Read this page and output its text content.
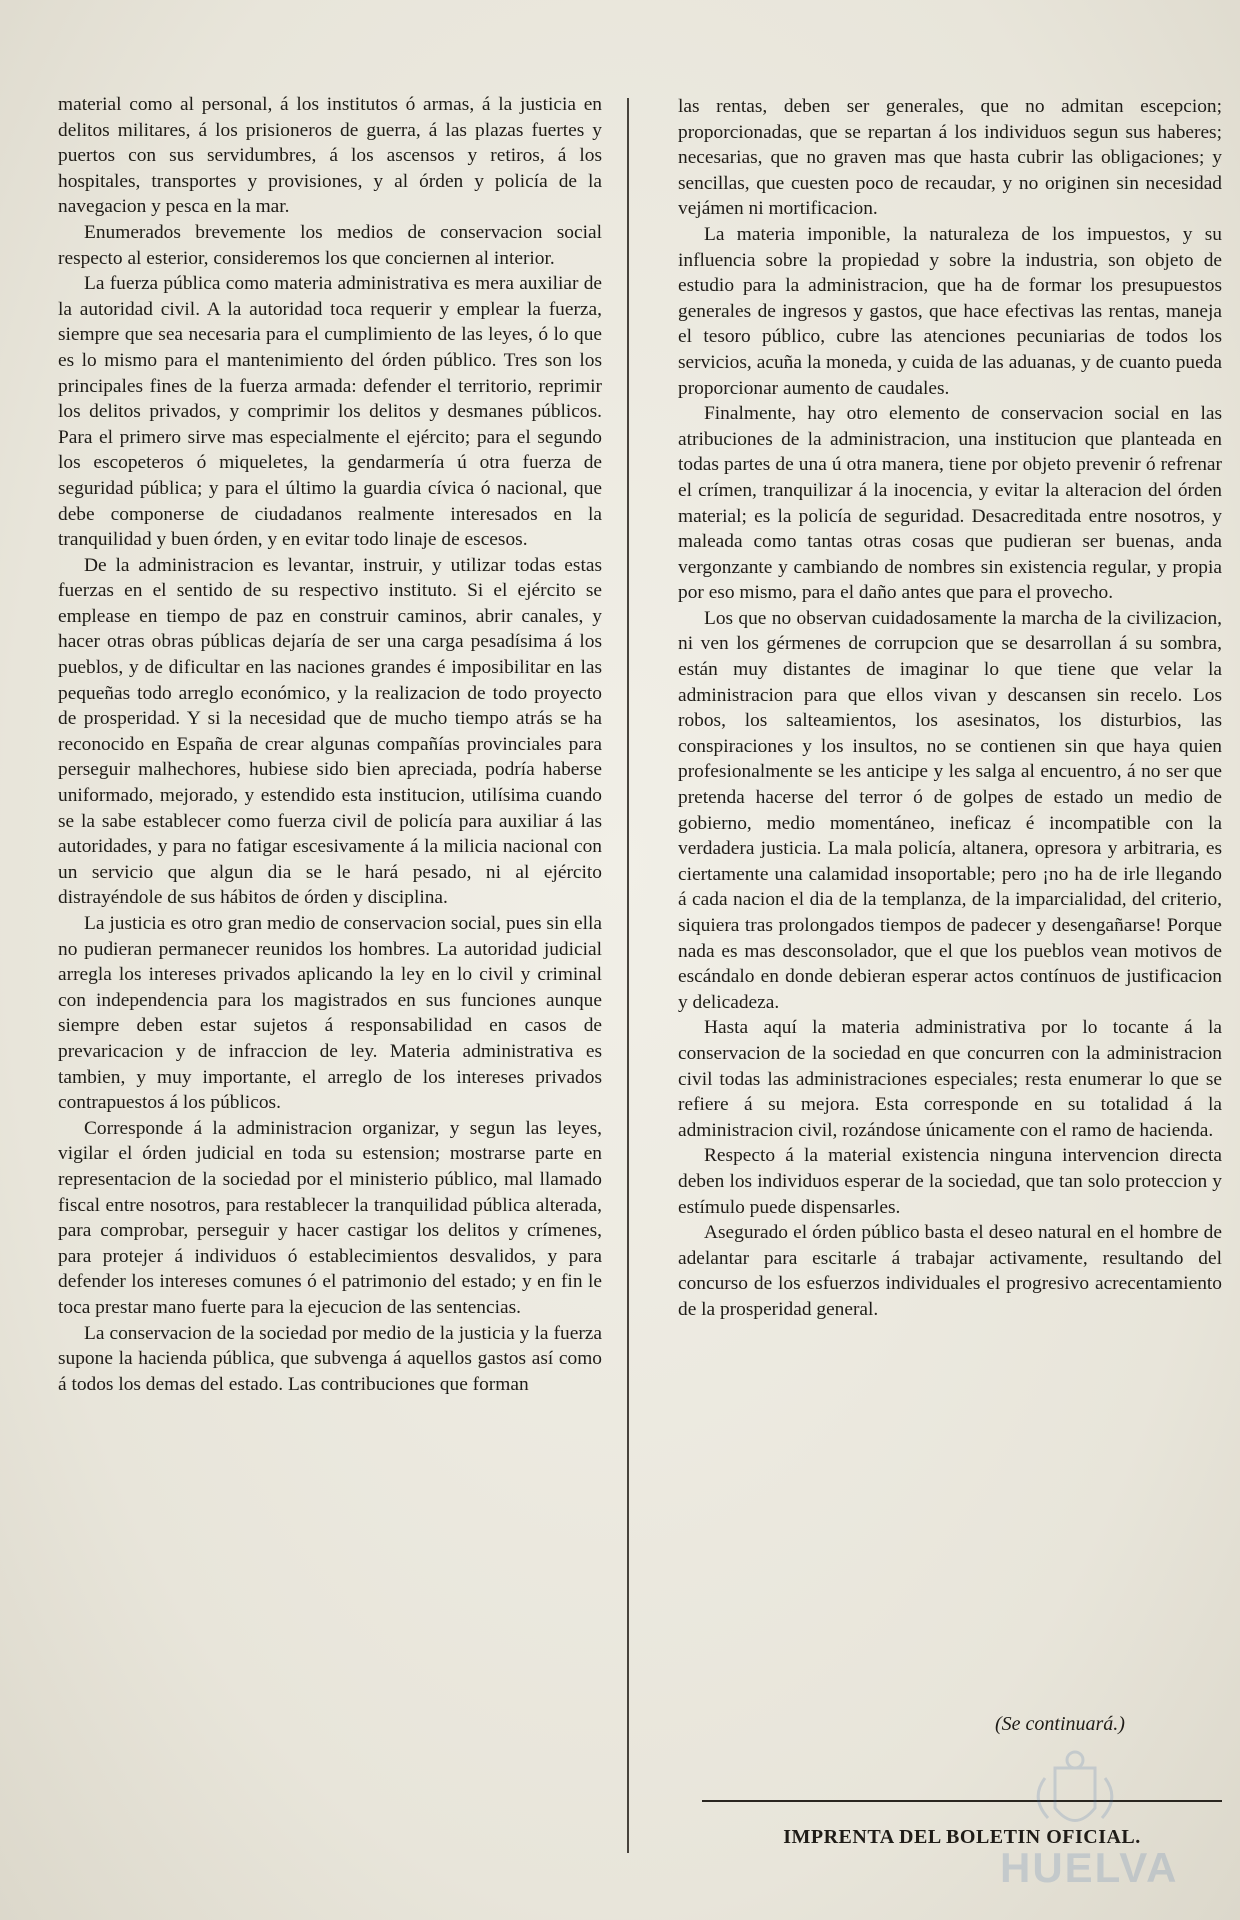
material como al personal, á los institutos ó armas, á la justicia en delitos militares, á los prisioneros de guerra, á las plazas fuertes y puertos con sus servidumbres, á los ascensos y retiros, á los hospitales, transportes y provisiones, y al órden y policía de la navegacion y pesca en la mar.

Enumerados brevemente los medios de conservacion social respecto al esterior, consideremos los que conciernen al interior.

La fuerza pública como materia administrativa es mera auxiliar de la autoridad civil. A la autoridad toca requerir y emplear la fuerza, siempre que sea necesaria para el cumplimiento de las leyes, ó lo que es lo mismo para el mantenimiento del órden público. Tres son los principales fines de la fuerza armada: defender el territorio, reprimir los delitos privados, y comprimir los delitos y desmanes públicos. Para el primero sirve mas especialmente el ejército; para el segundo los escopeteros ó miqueletes, la gendarmería ú otra fuerza de seguridad pública; y para el último la guardia cívica ó nacional, que debe componerse de ciudadanos realmente interesados en la tranquilidad y buen órden, y en evitar todo linaje de escesos.

De la administracion es levantar, instruir, y utilizar todas estas fuerzas en el sentido de su respectivo instituto. Si el ejército se emplease en tiempo de paz en construir caminos, abrir canales, y hacer otras obras públicas dejaría de ser una carga pesadísima á los pueblos, y de dificultar en las naciones grandes é imposibilitar en las pequeñas todo arreglo económico, y la realizacion de todo proyecto de prosperidad. Y si la necesidad que de mucho tiempo atrás se ha reconocido en España de crear algunas compañías provinciales para perseguir malhechores, hubiese sido bien apreciada, podría haberse uniformado, mejorado, y estendido esta institucion, utilísima cuando se la sabe establecer como fuerza civil de policía para auxiliar á las autoridades, y para no fatigar escesivamente á la milicia nacional con un servicio que algun dia se le hará pesado, ni al ejército distrayéndole de sus hábitos de órden y disciplina.

La justicia es otro gran medio de conservacion social, pues sin ella no pudieran permanecer reunidos los hombres. La autoridad judicial arregla los intereses privados aplicando la ley en lo civil y criminal con independencia para los magistrados en sus funciones aunque siempre deben estar sujetos á responsabilidad en casos de prevaricacion y de infraccion de ley. Materia administrativa es tambien, y muy importante, el arreglo de los intereses privados contrapuestos á los públicos.

Corresponde á la administracion organizar, y segun las leyes, vigilar el órden judicial en toda su estension; mostrarse parte en representacion de la sociedad por el ministerio público, mal llamado fiscal entre nosotros, para restablecer la tranquilidad pública alterada, para comprobar, perseguir y hacer castigar los delitos y crímenes, para protejer á individuos ó establecimientos desvalidos, y para defender los intereses comunes ó el patrimonio del estado; y en fin le toca prestar mano fuerte para la ejecucion de las sentencias.

La conservacion de la sociedad por medio de la justicia y la fuerza supone la hacienda pública, que subvenga á aquellos gastos así como á todos los demas del estado. Las contribuciones que forman

las rentas, deben ser generales, que no admitan escepcion; proporcionadas, que se repartan á los individuos segun sus haberes; necesarias, que no graven mas que hasta cubrir las obligaciones; y sencillas, que cuesten poco de recaudar, y no originen sin necesidad vejámen ni mortificacion.

La materia imponible, la naturaleza de los impuestos, y su influencia sobre la propiedad y sobre la industria, son objeto de estudio para la administracion, que ha de formar los presupuestos generales de ingresos y gastos, que hace efectivas las rentas, maneja el tesoro público, cubre las atenciones pecuniarias de todos los servicios, acuña la moneda, y cuida de las aduanas, y de cuanto pueda proporcionar aumento de caudales.

Finalmente, hay otro elemento de conservacion social en las atribuciones de la administracion, una institucion que planteada en todas partes de una ú otra manera, tiene por objeto prevenir ó refrenar el crímen, tranquilizar á la inocencia, y evitar la alteracion del órden material; es la policía de seguridad. Desacreditada entre nosotros, y maleada como tantas otras cosas que pudieran ser buenas, anda vergonzante y cambiando de nombres sin existencia regular, y propia por eso mismo, para el daño antes que para el provecho.

Los que no observan cuidadosamente la marcha de la civilizacion, ni ven los gérmenes de corrupcion que se desarrollan á su sombra, están muy distantes de imaginar lo que tiene que velar la administracion para que ellos vivan y descansen sin recelo. Los robos, los salteamientos, los asesinatos, los disturbios, las conspiraciones y los insultos, no se contienen sin que haya quien profesionalmente se les anticipe y les salga al encuentro, á no ser que pretenda hacerse del terror ó de golpes de estado un medio de gobierno, medio momentáneo, ineficaz é incompatible con la verdadera justicia. La mala policía, altanera, opresora y arbitraria, es ciertamente una calamidad insoportable; pero ¡no ha de irle llegando á cada nacion el dia de la templanza, de la imparcialidad, del criterio, siquiera tras prolongados tiempos de padecer y desengañarse! Porque nada es mas desconsolador, que el que los pueblos vean motivos de escándalo en donde debieran esperar actos contínuos de justificacion y delicadeza.

Hasta aquí la materia administrativa por lo tocante á la conservacion de la sociedad en que concurren con la administracion civil todas las administraciones especiales; resta enumerar lo que se refiere á su mejora. Esta corresponde en su totalidad á la administracion civil, rozándose únicamente con el ramo de hacienda.

Respecto á la material existencia ninguna intervencion directa deben los individuos esperar de la sociedad, que tan solo proteccion y estímulo puede dispensarles.

Asegurado el órden público basta el deseo natural en el hombre de adelantar para escitarle á trabajar activamente, resultando del concurso de los esfuerzos individuales el progresivo acrecentamiento de la prosperidad general.

(Se continuará.)
IMPRENTA DEL BOLETIN OFICIAL.
HUELVA
